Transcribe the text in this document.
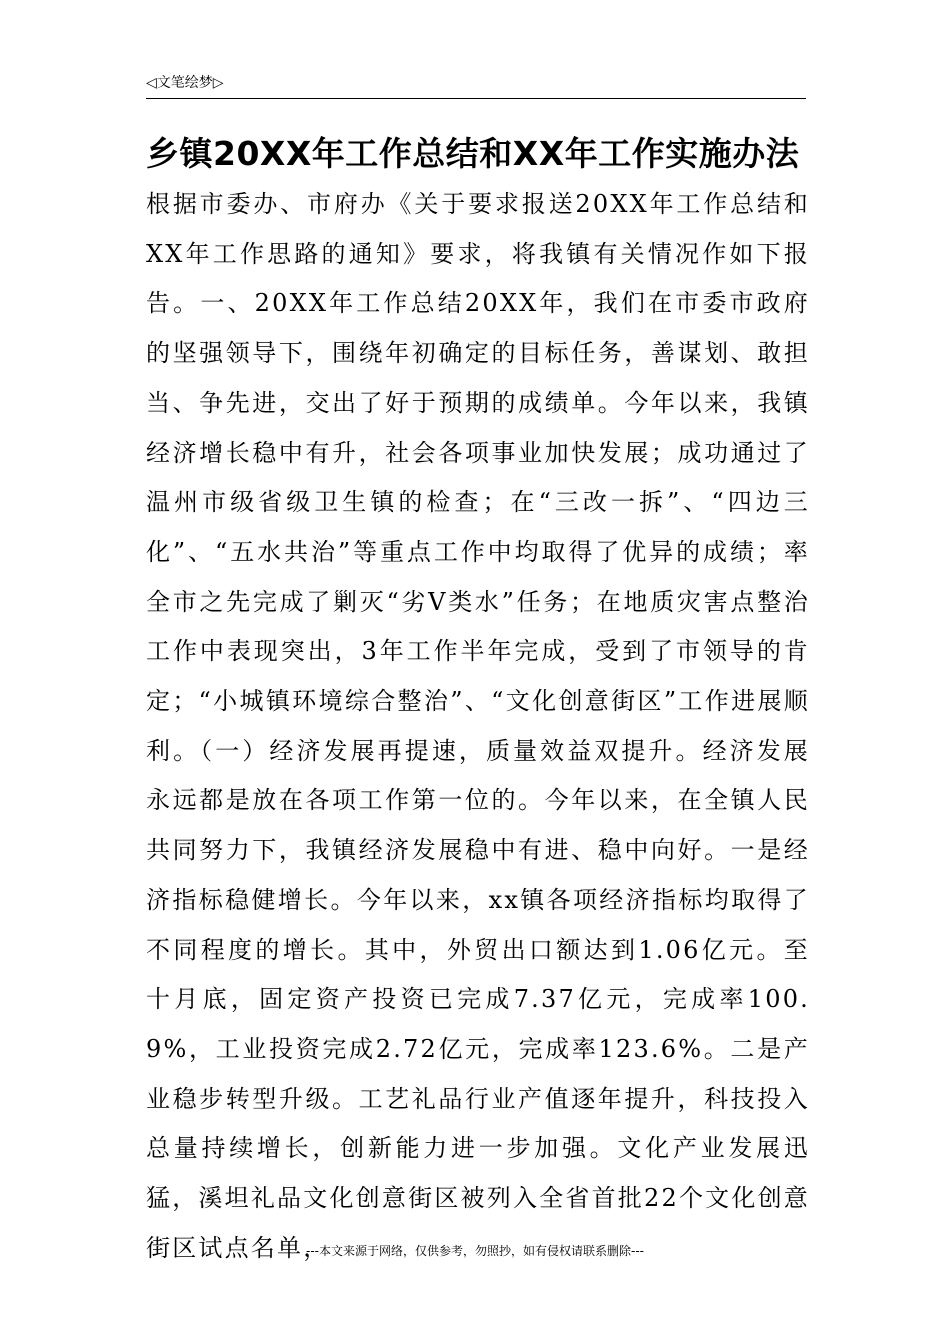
◁文笔绘梦▷
乡镇20XX年工作总结和XX年工作实施办法
根据市委办、市府办《关于要求报送20XX年工作总结和XX年工作思路的通知》要求，将我镇有关情况作如下报告。一、20XX年工作总结20XX年，我们在市委市政府的坚强领导下，围绕年初确定的目标任务，善谋划、敢担当、争先进，交出了好于预期的成绩单。今年以来，我镇经济增长稳中有升，社会各项事业加快发展；成功通过了温州市级省级卫生镇的检查；在“三改一拆”、“四边三化”、“五水共治”等重点工作中均取得了优异的成绩；率全市之先完成了剿灭“劣Ⅴ类水”任务；在地质灾害点整治工作中表现突出，3年工作半年完成，受到了市领导的肯定；“小城镇环境综合整治”、“文化创意街区”工作进展顺利。（一）经济发展再提速，质量效益双提升。经济发展永远都是放在各项工作第一位的。今年以来，在全镇人民共同努力下，我镇经济发展稳中有进、稳中向好。一是经济指标稳健增长。今年以来，xx镇各项经济指标均取得了不同程度的增长。其中，外贸出口额达到1.06亿元。至十月底，固定资产投资已完成7.37亿元，完成率100.9%，工业投资完成2.72亿元，完成率123.6%。二是产业稳步转型升级。工艺礼品行业产值逐年提升，科技投入总量持续增长，创新能力进一步加强。文化产业发展迅猛，溪坦礼品文化创意街区被列入全省首批22个文化创意街区试点名单，
---本文来源于网络，仅供参考，勿照抄，如有侵权请联系删除---
